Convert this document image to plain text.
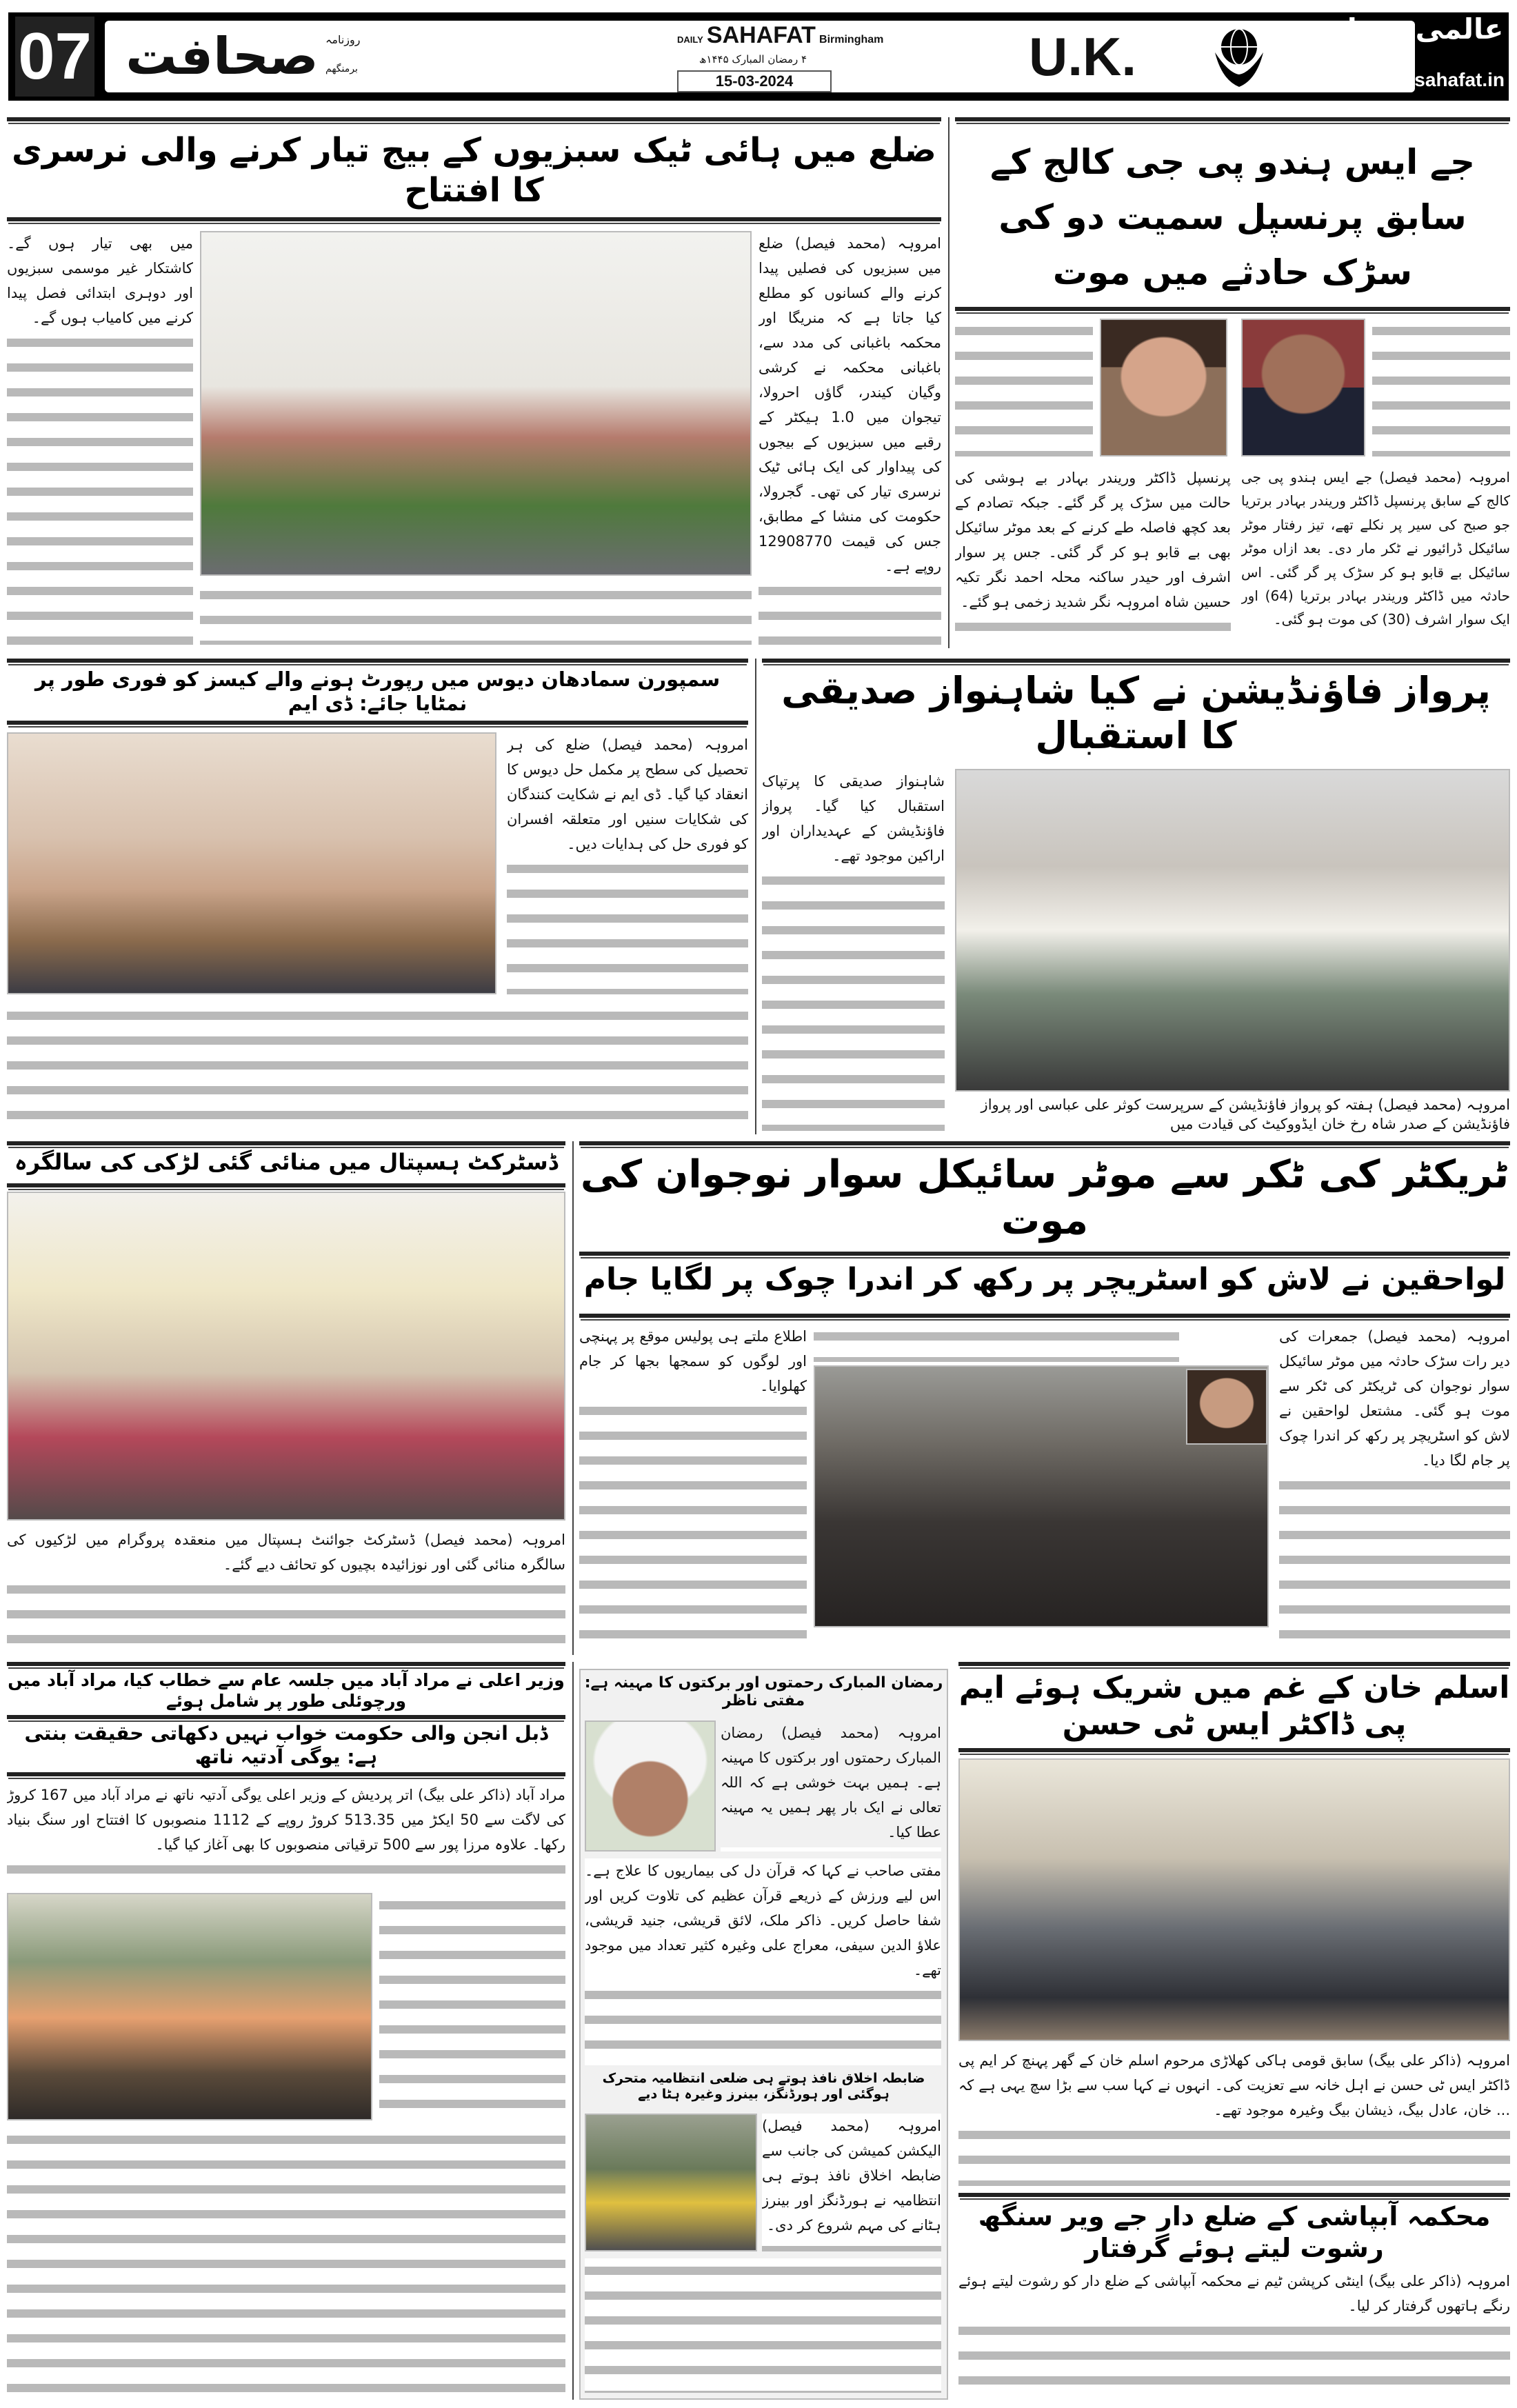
07 صحافت روزنامہ
برمنگھم
DAILY SAHAFAT Birmingham
۴ رمضان المبارک ۱۴۴۵ھ
15-03-2024	U.K.	عالمی صحافت
www.sahafat.in
ضلع میں ہائی ٹیک سبزیوں کے بیج تیار کرنے والی نرسری کا افتتاح

امروہہ (محمد فیصل) ضلع میں سبزیوں کی فصلیں پیدا کرنے والے کسانوں کو مطلع کیا جاتا ہے کہ منریگا اور محکمہ باغبانی کی مدد سے، باغبانی محکمہ نے کرشی وگیان کیندر، گاؤں احرولا، تیجوان میں 1.0 ہیکٹر کے رقبے میں سبزیوں کے بیجوں کی پیداوار کی ایک ہائی ٹیک نرسری تیار کی تھی۔ گجرولا، حکومت کی منشا کے مطابق، جس کی قیمت 12908770 روپے ہے۔

میں بھی تیار ہوں گے۔ کاشتکار غیر موسمی سبزیوں اور دوہری ابتدائی فصل پیدا کرنے میں کامیاب ہوں گے۔

جے ایس ہندو پی جی کالج کے سابق پرنسپل سمیت دو کی سڑک حادثے میں موت

امروہہ (محمد فیصل) جے ایس ہندو پی جی کالج کے سابق پرنسپل ڈاکٹر وریندر بہادر برتریا جو صبح کی سیر پر نکلے تھے، تیز رفتار موٹر سائیکل ڈرائیور نے ٹکر مار دی۔ بعد ازاں موٹر سائیکل بے قابو ہو کر سڑک پر گر گئی۔ اس حادثہ میں ڈاکٹر وریندر بہادر برتریا (64) اور ایک سوار اشرف (30) کی موت ہو گئی۔

پرنسپل ڈاکٹر وریندر بہادر بے ہوشی کی حالت میں سڑک پر گر گئے۔ جبکہ تصادم کے بعد کچھ فاصلہ طے کرنے کے بعد موٹر سائیکل بھی بے قابو ہو کر گر گئی۔ جس پر سوار اشرف اور حیدر ساکنہ محلہ احمد نگر تکیہ حسین شاہ امروہہ نگر شدید زخمی ہو گئے۔

سمپورن سمادھان دیوس میں رپورٹ ہونے والے کیسز کو فوری طور پر نمٹایا جائے: ڈی ایم

امروہہ (محمد فیصل) ضلع کی ہر تحصیل کی سطح پر مکمل حل دیوس کا انعقاد کیا گیا۔ ڈی ایم نے شکایت کنندگان کی شکایات سنیں اور متعلقہ افسران کو فوری حل کی ہدایات دیں۔

پرواز فاؤنڈیشن نے کیا شاہنواز صدیقی کا استقبال

شاہنواز صدیقی کا پرتپاک استقبال کیا گیا۔ پرواز فاؤنڈیشن کے عہدیداران اور اراکین موجود تھے۔

امروہہ (محمد فیصل) ہفتہ کو پرواز فاؤنڈیشن کے سرپرست کوثر علی عباسی اور پرواز فاؤنڈیشن کے صدر شاہ رخ خان ایڈووکیٹ کی قیادت میں
ڈسٹرکٹ ہسپتال میں منائی گئی لڑکی کی سالگرہ

امروہہ (محمد فیصل) ڈسٹرکٹ جوائنٹ ہسپتال میں منعقدہ پروگرام میں لڑکیوں کی سالگرہ منائی گئی اور نوزائیدہ بچیوں کو تحائف دیے گئے۔

ٹریکٹر کی ٹکر سے موٹر سائیکل سوار نوجوان کی موت
لواحقین نے لاش کو اسٹریچر پر رکھ کر اندرا چوک پر لگایا جام

امروہہ (محمد فیصل) جمعرات کی دیر رات سڑک حادثہ میں موٹر سائیکل سوار نوجوان کی ٹریکٹر کی ٹکر سے موت ہو گئی۔ مشتعل لواحقین نے لاش کو اسٹریچر پر رکھ کر اندرا چوک پر جام لگا دیا۔

اطلاع ملتے ہی پولیس موقع پر پہنچی اور لوگوں کو سمجھا بجھا کر جام کھلوایا۔

وزیر اعلی نے مراد آباد میں جلسہ عام سے خطاب کیا، مراد آباد میں ورچوئلی طور پر شامل ہوئے
ڈبل انجن والی حکومت خواب نہیں دکھاتی حقیقت بنتی ہے: یوگی آدتیہ ناتھ

مراد آباد (ذاکر علی بیگ) اتر پردیش کے وزیر اعلی یوگی آدتیہ ناتھ نے مراد آباد میں 167 کروڑ کی لاگت سے 50 ایکڑ میں 513.35 کروڑ روپے کے 1112 منصوبوں کا افتتاح اور سنگ بنیاد رکھا۔ علاوہ مرزا پور سے 500 ترقیاتی منصوبوں کا بھی آغاز کیا گیا۔

رمضان المبارک رحمتوں اور برکتوں کا مہینہ ہے: مفتی ناظر

امروہہ (محمد فیصل) رمضان المبارک رحمتوں اور برکتوں کا مہینہ ہے۔ ہمیں بہت خوشی ہے کہ اللہ تعالی نے ایک بار پھر ہمیں یہ مہینہ عطا کیا۔

مفتی صاحب نے کہا کہ قرآن دل کی بیماریوں کا علاج ہے۔ اس لیے ورزش کے ذریعے قرآن عظیم کی تلاوت کریں اور شفا حاصل کریں۔ ذاکر ملک، لائق قریشی، جنید قریشی، علاؤ الدین سیفی، معراج علی وغیرہ کثیر تعداد میں موجود تھے۔

ضابطہ اخلاق نافذ ہوتے ہی ضلعی انتظامیہ متحرک ہوگئی اور ہورڈنگز، بینرز وغیرہ ہٹا دیے

امروہہ (محمد فیصل) الیکشن کمیشن کی جانب سے ضابطہ اخلاق نافذ ہوتے ہی انتظامیہ نے ہورڈنگز اور بینرز ہٹانے کی مہم شروع کر دی۔

اسلم خان کے غم میں شریک ہوئے ایم پی ڈاکٹر ایس ٹی حسن

امروہہ (ذاکر علی بیگ) سابق قومی ہاکی کھلاڑی مرحوم اسلم خان کے گھر پہنچ کر ایم پی ڈاکٹر ایس ٹی حسن نے اہل خانہ سے تعزیت کی۔ انہوں نے کہا سب سے بڑا سچ یہی ہے کہ ... خان، عادل بیگ، ذیشان بیگ وغیرہ موجود تھے۔

محکمہ آبپاشی کے ضلع دار جے ویر سنگھ رشوت لیتے ہوئے گرفتار

امروہہ (ذاکر علی بیگ) اینٹی کرپشن ٹیم نے محکمہ آبپاشی کے ضلع دار کو رشوت لیتے ہوئے رنگے ہاتھوں گرفتار کر لیا۔
